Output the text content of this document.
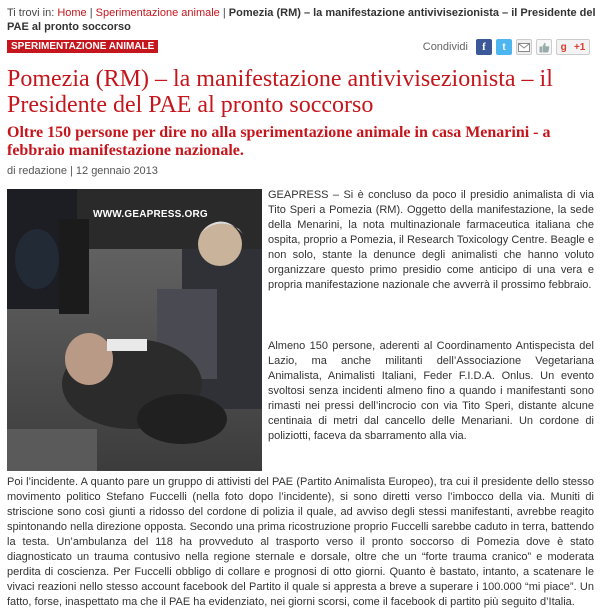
Ti trovi in: Home | Sperimentazione animale | Pomezia (RM) – la manifestazione antivivisezionista – il Presidente del PAE al pronto soccorso
SPERIMENTAZIONE ANIMALE	Condividi f t	g +1
Pomezia (RM) – la manifestazione antivivisezionista – il Presidente del PAE al pronto soccorso
Oltre 150 persone per dire no alla sperimentazione animale in casa Menarini - a febbraio manifestazione nazionale.
di redazione | 12 gennaio 2013
WWW.GEAPRESS.ORG

GEAPRESS – Si è concluso da poco il presidio animalista di via Tito Speri a Pomezia (RM). Oggetto della manifestazione, la sede della Menarini, la nota multinazionale farmaceutica italiana che ospita, proprio a Pomezia, il Research Toxicology Centre. Beagle e non solo, stante la denunce degli animalisti che hanno voluto organizzare questo primo presidio come anticipo di una vera e propria manifestazione nazionale che avverrà il prossimo febbraio.

Almeno 150 persone, aderenti al Coordinamento Antispecista del Lazio, ma anche militanti dell’Associazione Vegetariana Animalista, Animalisti Italiani, Feder F.I.D.A. Onlus. Un evento svoltosi senza incidenti almeno fino a quando i manifestanti sono rimasti nei pressi dell’incrocio con via Tito Speri, distante alcune centinaia di metri dal cancello delle Menariani. Un cordone di poliziotti, faceva da sbarramento alla via.

Poi l’incidente. A quanto pare un gruppo di attivisti del PAE (Partito Animalista Europeo), tra cui il presidente dello stesso movimento politico Stefano Fuccelli (nella foto dopo l’incidente), si sono diretti verso l’imbocco della via. Muniti di striscione sono così giunti a ridosso del cordone di polizia il quale, ad avviso degli stessi manifestanti, avrebbe reagito spintonando nella direzione opposta. Secondo una prima ricostruzione proprio Fuccelli sarebbe caduto in terra, battendo la testa. Un’ambulanza del 118 ha provveduto al trasporto verso il pronto soccorso di Pomezia dove è stato diagnosticato un trauma contusivo nella regione sternale e dorsale, oltre che un “forte trauma cranico” e moderata perdita di coscienza. Per Fuccelli obbligo di collare e prognosi di otto giorni. Quanto è bastato, intanto, a scatenare le vivaci reazioni nello stesso account facebook del Partito il quale si appresta a breve a superare i 100.000 “mi piace”. Un fatto, forse, inaspettato ma che il PAE ha evidenziato, nei giorni scorsi, come il facebook di partito più seguito d’Italia.
